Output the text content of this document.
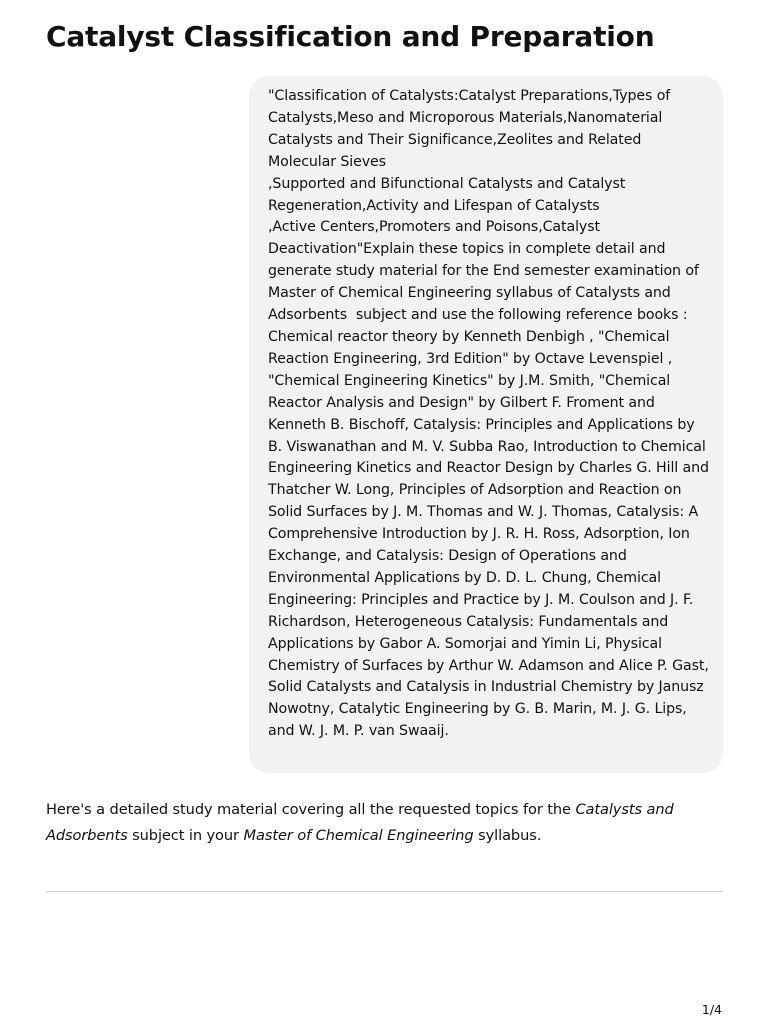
Catalyst Classification and Preparation

"Classification of Catalysts:Catalyst Preparations,Types of Catalysts,Meso and Microporous Materials,Nanomaterial Catalysts and Their Significance,Zeolites and Related Molecular Sieves
,Supported and Bifunctional Catalysts and Catalyst Regeneration,Activity and Lifespan of Catalysts
,Active Centers,Promoters and Poisons,Catalyst Deactivation"Explain these topics in complete detail and generate study material for the End semester examination of Master of Chemical Engineering syllabus of Catalysts and Adsorbents  subject and use the following reference books : Chemical reactor theory by Kenneth Denbigh , "Chemical Reaction Engineering, 3rd Edition" by Octave Levenspiel , "Chemical Engineering Kinetics" by J.M. Smith, "Chemical Reactor Analysis and Design" by Gilbert F. Froment and Kenneth B. Bischoff, Catalysis: Principles and Applications by B. Viswanathan and M. V. Subba Rao, Introduction to Chemical Engineering Kinetics and Reactor Design by Charles G. Hill and Thatcher W. Long, Principles of Adsorption and Reaction on Solid Surfaces by J. M. Thomas and W. J. Thomas, Catalysis: A Comprehensive Introduction by J. R. H. Ross, Adsorption, Ion Exchange, and Catalysis: Design of Operations and Environmental Applications by D. D. L. Chung, Chemical Engineering: Principles and Practice by J. M. Coulson and J. F. Richardson, Heterogeneous Catalysis: Fundamentals and Applications by Gabor A. Somorjai and Yimin Li, Physical Chemistry of Surfaces by Arthur W. Adamson and Alice P. Gast, Solid Catalysts and Catalysis in Industrial Chemistry by Janusz Nowotny, Catalytic Engineering by G. B. Marin, M. J. G. Lips, and W. J. M. P. van Swaaij.

Here's a detailed study material covering all the requested topics for the Catalysts and Adsorbents subject in your Master of Chemical Engineering syllabus.

1/4
